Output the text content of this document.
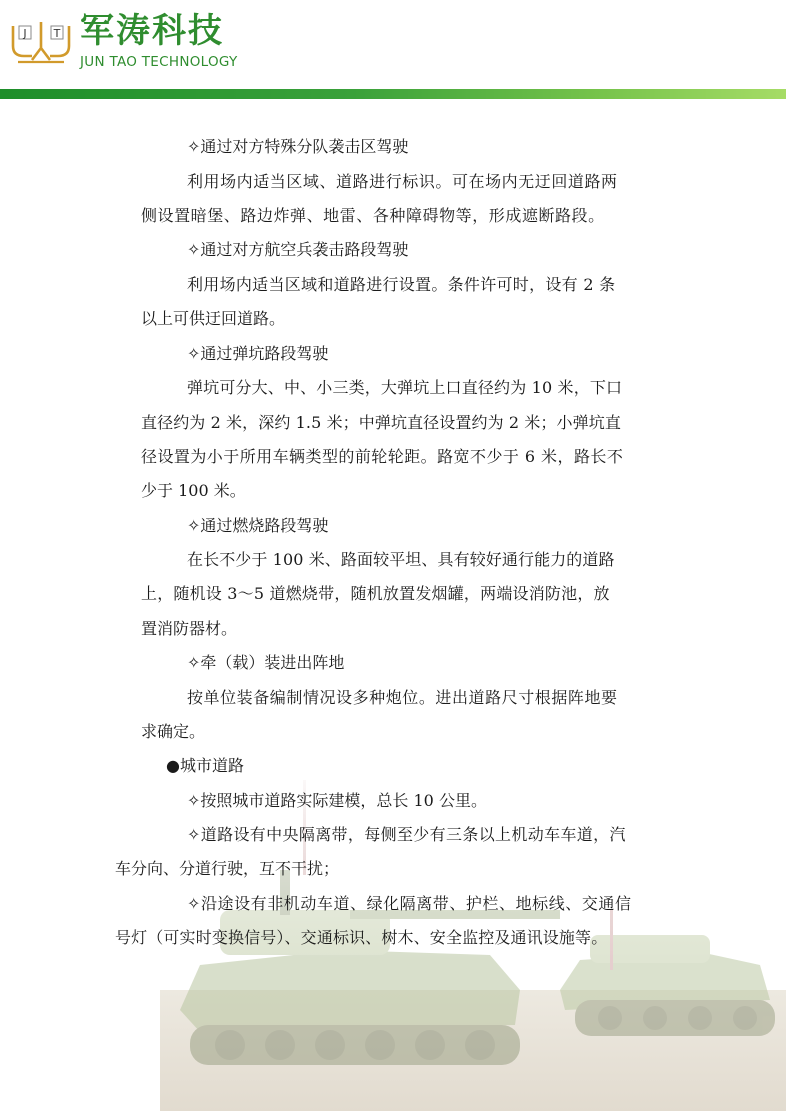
J T 军涛科技
JUN TAO TECHNOLOGY
✧通过对方特殊分队袭击区驾驶
利用场内适当区域、道路进行标识。可在场内无迂回道路两
侧设置暗堡、路边炸弹、地雷、各种障碍物等，形成遮断路段。
✧通过对方航空兵袭击路段驾驶
利用场内适当区域和道路进行设置。条件许可时，设有 2 条
以上可供迂回道路。
✧通过弹坑路段驾驶
弹坑可分大、中、小三类，大弹坑上口直径约为 10 米，下口
直径约为 2 米，深约 1.5 米；中弹坑直径设置约为 2 米；小弹坑直
径设置为小于所用车辆类型的前轮轮距。路宽不少于 6 米，路长不
少于 100 米。
✧通过燃烧路段驾驶
在长不少于 100 米、路面较平坦、具有较好通行能力的道路
上，随机设 3～5 道燃烧带，随机放置发烟罐，两端设消防池，放
置消防器材。
✧牵（载）装进出阵地
按单位装备编制情况设多种炮位。进出道路尺寸根据阵地要
求确定。
●城市道路
✧按照城市道路实际建模，总长 10 公里。
✧道路设有中央隔离带，每侧至少有三条以上机动车车道，汽
车分向、分道行驶，互不干扰；
✧沿途设有非机动车道、绿化隔离带、护栏、地标线、交通信
号灯（可实时变换信号）、交通标识、树木、安全监控及通讯设施等。
